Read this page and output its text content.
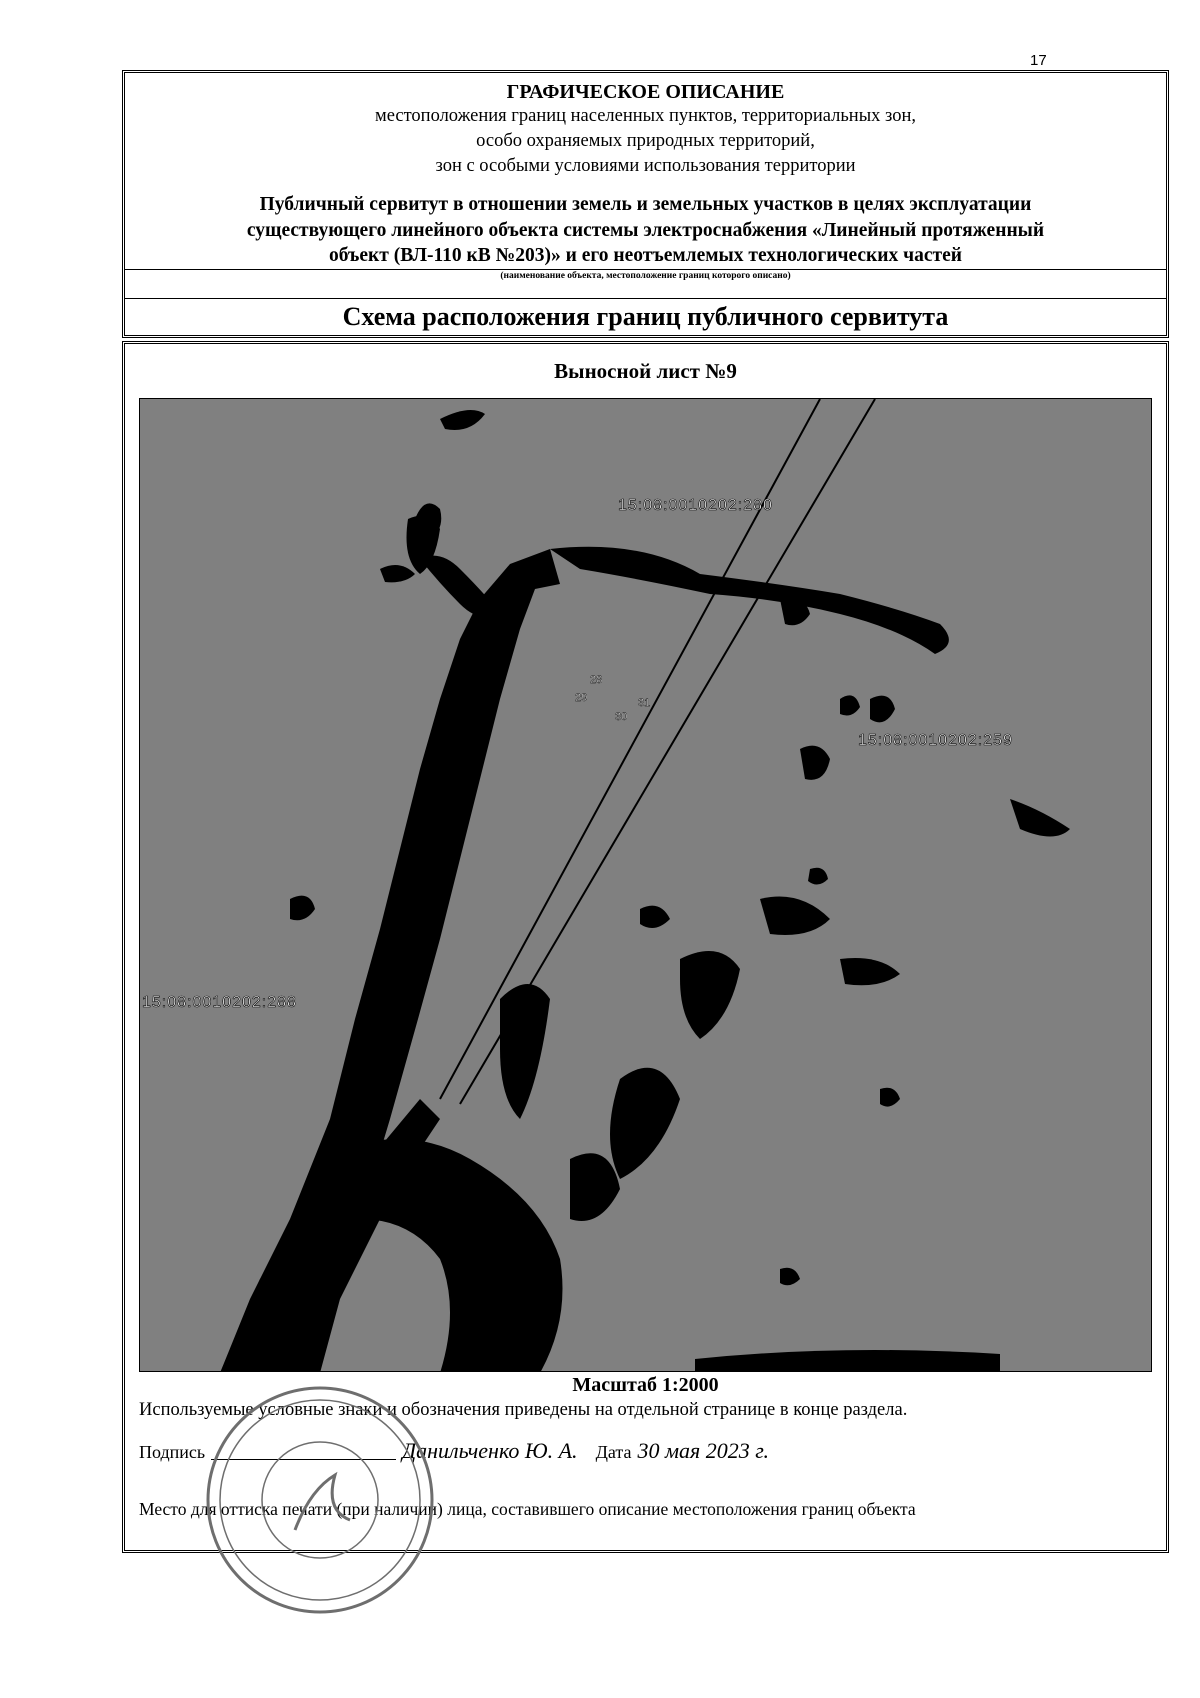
17
ГРАФИЧЕСКОЕ ОПИСАНИЕ
местоположения границ населенных пунктов, территориальных зон,
особо охраняемых природных территорий,
зон с особыми условиями использования территории
Публичный сервитут в отношении земель и земельных участков в целях эксплуатации
существующего линейного объекта системы электроснабжения «Линейный протяженный
объект (ВЛ-110 кВ №203)» и его неотъемлемых технологических частей
(наименование объекта, местоположение границ которого описано)
Схема расположения границ публичного сервитута
Выносной лист №9
15:08:0010202:280
15:08:0010202:288
15:08:0010202:259
28
29
30
31
Масштаб 1:2000
Используемые условные знаки и обозначения приведены на отдельной странице в конце раздела.
Подпись	Данильченко Ю. А. Дата 30 мая 2023 г.
Место для оттиска печати (при наличии) лица, составившего описание местоположения границ объекта
